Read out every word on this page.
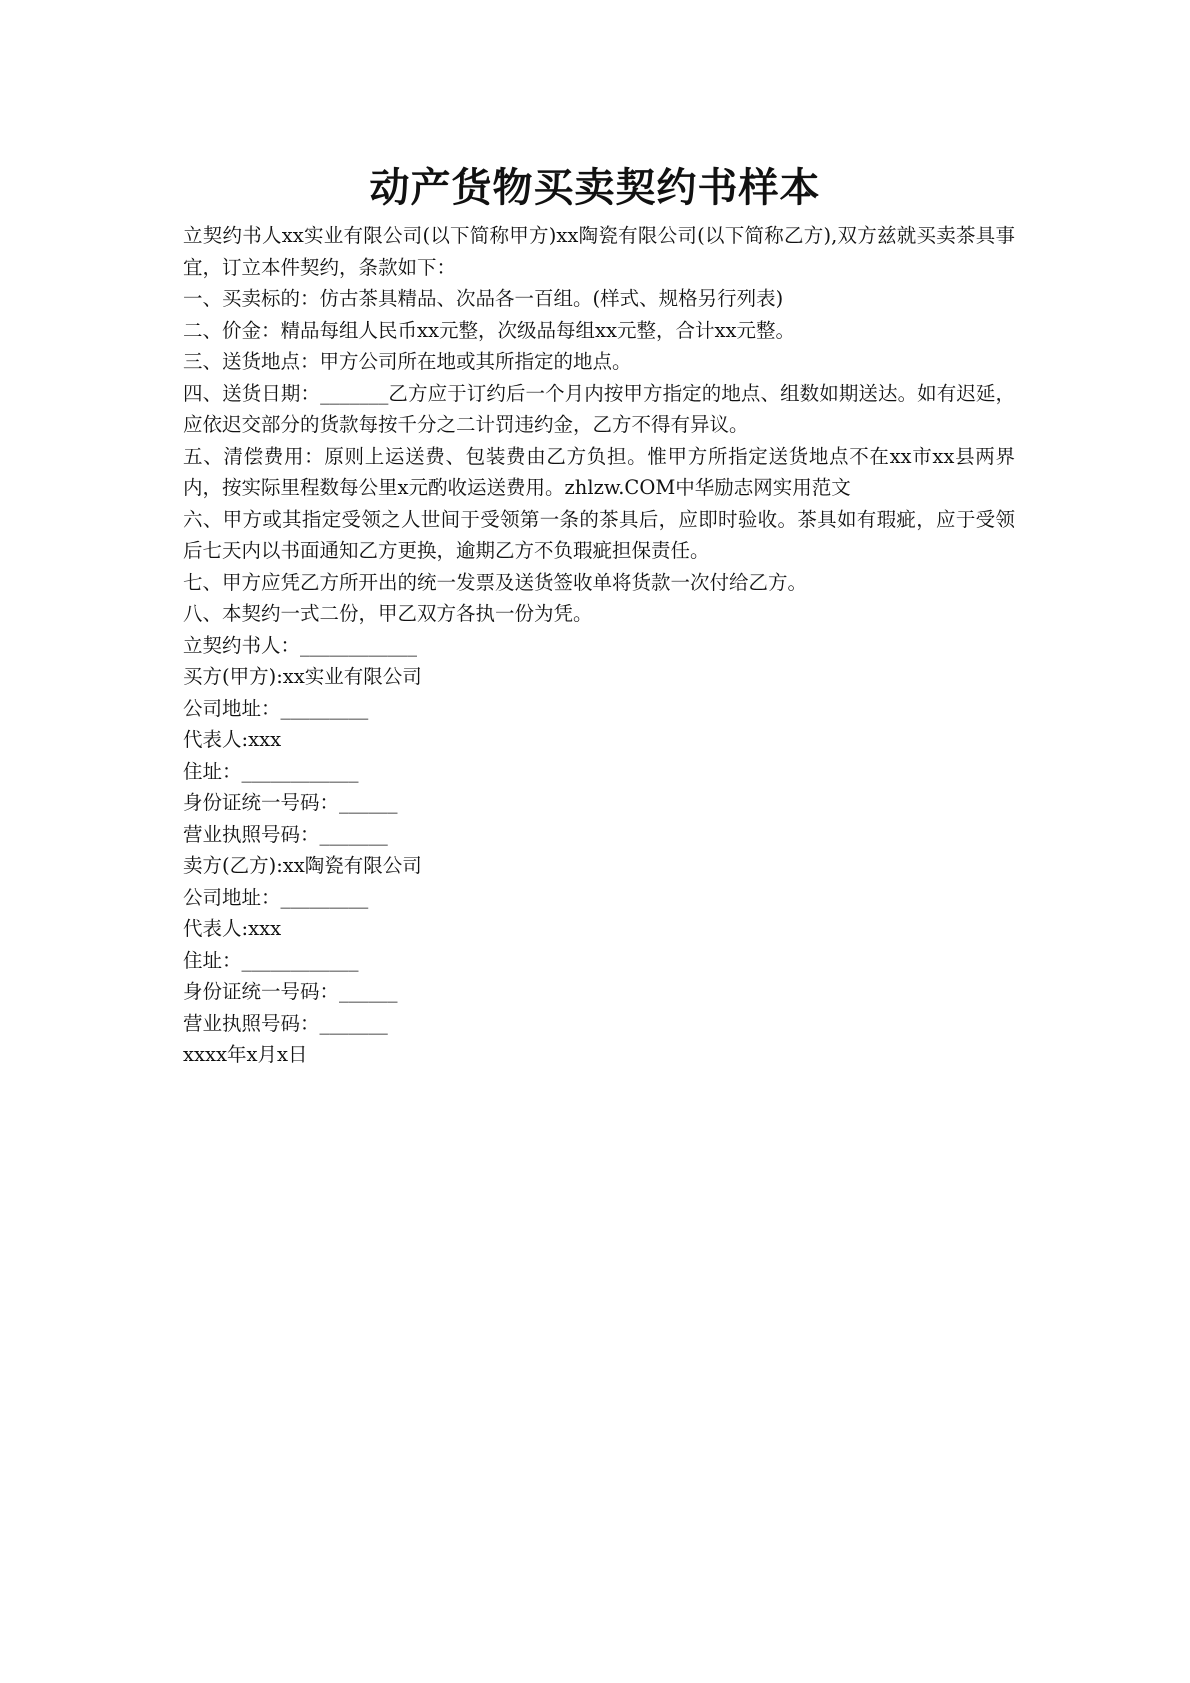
动产货物买卖契约书样本

立契约书人xx实业有限公司(以下简称甲方)xx陶瓷有限公司(以下简称乙方),双方兹就买卖茶具事宜，订立本件契约，条款如下：

一、买卖标的：仿古茶具精品、次品各一百组。(样式、规格另行列表)

二、价金：精品每组人民币xx元整，次级品每组xx元整，合计xx元整。

三、送货地点：甲方公司所在地或其所指定的地点。

四、送货日期：_______乙方应于订约后一个月内按甲方指定的地点、组数如期送达。如有迟延，应依迟交部分的货款每按千分之二计罚违约金，乙方不得有异议。

五、清偿费用：原则上运送费、包装费由乙方负担。惟甲方所指定送货地点不在xx市xx县两界内，按实际里程数每公里x元酌收运送费用。zhlzw.COM中华励志网实用范文

六、甲方或其指定受领之人世间于受领第一条的茶具后，应即时验收。茶具如有瑕疵，应于受领后七天内以书面通知乙方更换，逾期乙方不负瑕疵担保责任。

七、甲方应凭乙方所开出的统一发票及送货签收单将货款一次付给乙方。

八、本契约一式二份，甲乙双方各执一份为凭。

立契约书人：____________

买方(甲方):xx实业有限公司

公司地址：_________

代表人:xxx

住址：____________

身份证统一号码：______

营业执照号码：_______

卖方(乙方):xx陶瓷有限公司

公司地址：_________

代表人:xxx

住址：____________

身份证统一号码：______

营业执照号码：_______

xxxx年x月x日
